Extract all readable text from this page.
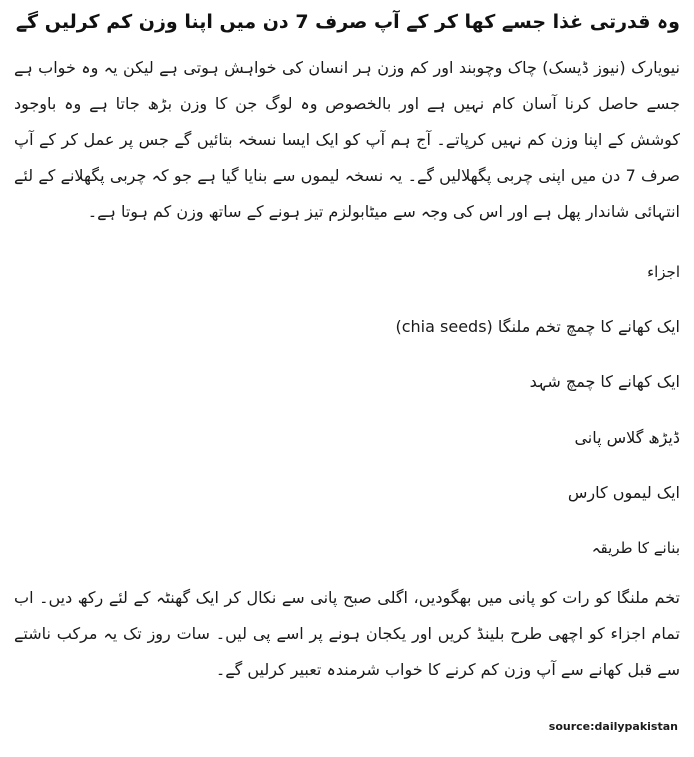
وہ قدرتی غذا جسے کھا کر کے آپ صرف 7 دن میں اپنا وزن کم کرلیں گے

نیویارک (نیوز ڈیسک) چاک وچوبند اور کم وزن ہر انسان کی خواہش ہوتی ہے لیکن یہ وہ خواب ہے جسے حاصل کرنا آسان کام نہیں ہے اور بالخصوص وہ لوگ جن کا وزن بڑھ جاتا ہے وہ باوجود کوشش کے اپنا وزن کم نہیں کرپاتے۔ آج ہم آپ کو ایک ایسا نسخہ بتائیں گے جس پر عمل کر کے آپ صرف 7 دن میں اپنی چربی پگھلالیں گے۔ یہ نسخہ لیموں سے بنایا گیا ہے جو کہ چربی پگھلانے کے لئے انتہائی شاندار پھل ہے اور اس کی وجہ سے میٹابولزم تیز ہونے کے ساتھ وزن کم ہوتا ہے۔

اجزاء
ایک کھانے کا چمچ تخم ملنگا (chia seeds)
ایک کھانے کا چمچ شہد
ڈیڑھ گلاس پانی
ایک لیموں کارس
بنانے کا طریقہ

تخم ملنگا کو رات کو پانی میں بھگودیں، اگلی صبح پانی سے نکال کر ایک گھنٹہ کے لئے رکھ دیں۔ اب تمام اجزاء کو اچھی طرح بلینڈ کریں اور یکجان ہونے پر اسے پی لیں۔ سات روز تک یہ مرکب ناشتے سے قبل کھانے سے آپ وزن کم کرنے کا خواب شرمندہ تعبیر کرلیں گے۔

source:dailypakistan
